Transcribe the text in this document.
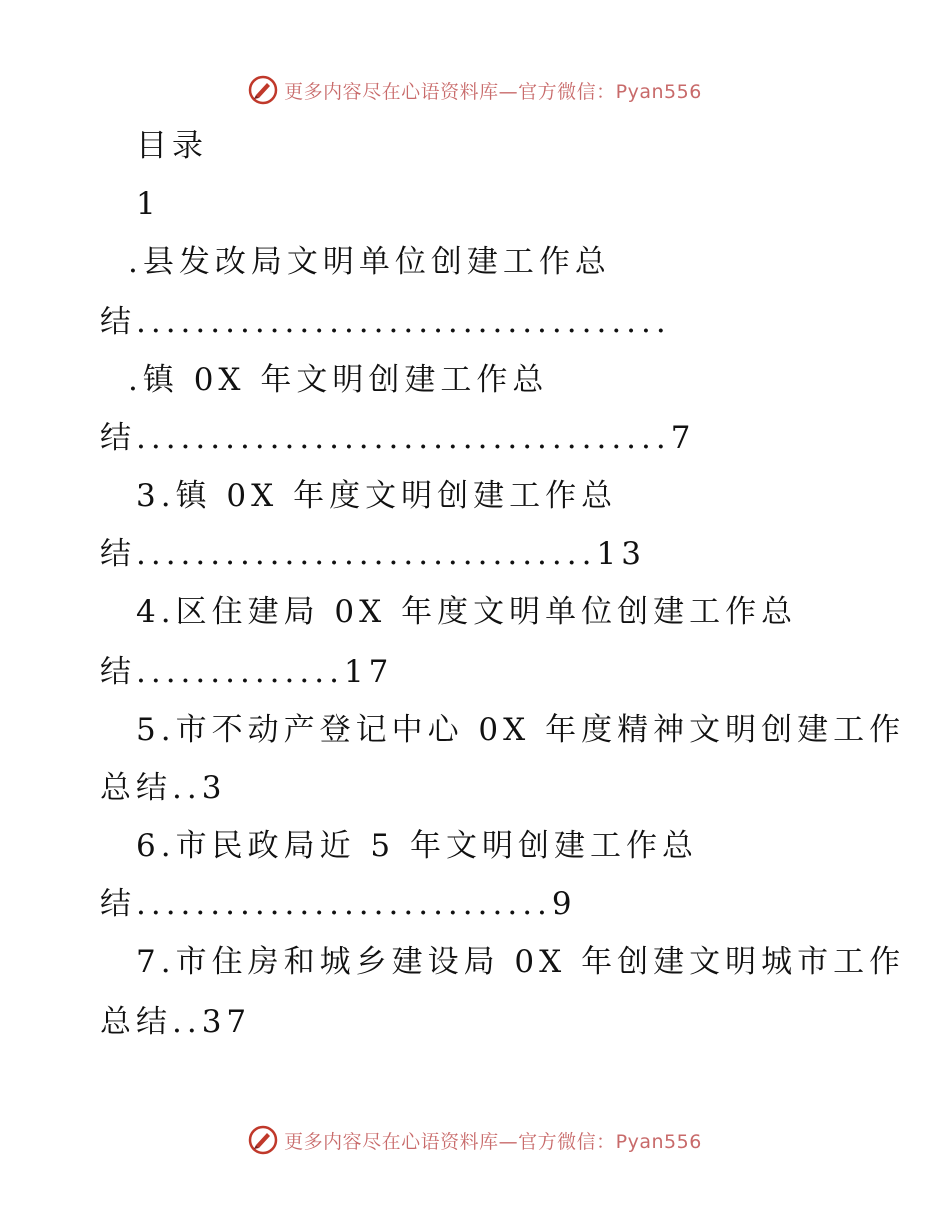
更多内容尽在心语资料库—官方微信：Pyan556
目录
1
.县发改局文明单位创建工作总
结....................................
.镇 0X 年文明创建工作总
结....................................7
3.镇 0X 年度文明创建工作总
结...............................13
4.区住建局 0X 年度文明单位创建工作总
结..............17
5.市不动产登记中心 0X 年度精神文明创建工作
总结..3
6.市民政局近 5 年文明创建工作总
结............................9
7.市住房和城乡建设局 0X 年创建文明城市工作
总结..37
更多内容尽在心语资料库—官方微信：Pyan556
